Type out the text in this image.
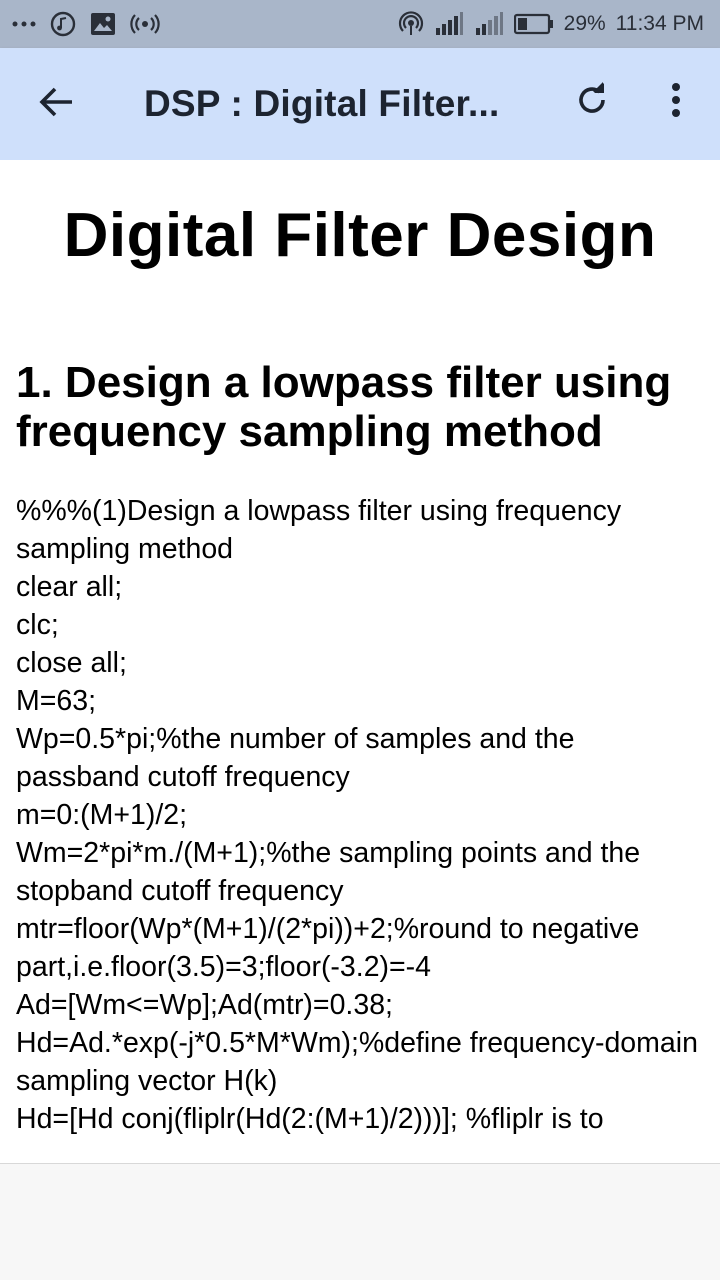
29% 11:34 PM
DSP : Digital Filter...
Digital Filter Design
1. Design a lowpass filter using frequency sampling method
%%%(1)Design a lowpass filter using frequency sampling method
clear all;
clc;
close all;
M=63;
Wp=0.5*pi;%the number of samples and the passband cutoff frequency
m=0:(M+1)/2;
Wm=2*pi*m./(M+1);%the sampling points and the stopband cutoff frequency
mtr=floor(Wp*(M+1)/(2*pi))+2;%round to negative part,i.e.floor(3.5)=3;floor(-3.2)=-4
Ad=[Wm<=Wp];Ad(mtr)=0.38;
Hd=Ad.*exp(-j*0.5*M*Wm);%define frequency-domain sampling vector H(k)
Hd=[Hd conj(fliplr(Hd(2:(M+1)/2)))]; %fliplr is to
